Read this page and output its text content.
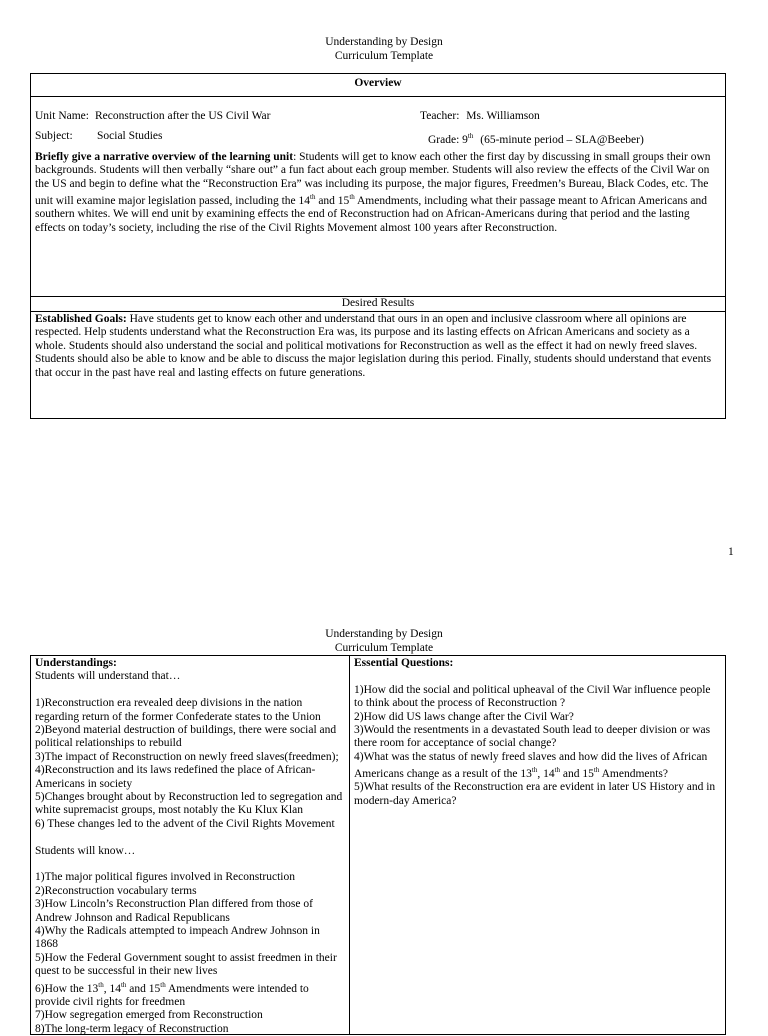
Understanding by Design
Curriculum Template
Overview
Unit Name: Reconstruction after the US Civil War	Teacher: Ms. Williamson
Subject: Social Studies	Grade: 9th (65-minute period – SLA@Beeber)
Briefly give a narrative overview of the learning unit: Students will get to know each other the first day by discussing in small groups their own backgrounds. Students will then verbally “share out” a fun fact about each group member. Students will also review the effects of the Civil War on the US and begin to define what the “Reconstruction Era” was including its purpose, the major figures, Freedmen’s Bureau, Black Codes, etc. The unit will examine major legislation passed, including the 14th and 15th Amendments, including what their passage meant to African Americans and southern whites. We will end unit by examining effects the end of Reconstruction had on African-Americans during that period and the lasting effects on today’s society, including the rise of the Civil Rights Movement almost 100 years after Reconstruction.
Desired Results
Established Goals: Have students get to know each other and understand that ours in an open and inclusive classroom where all opinions are respected. Help students understand what the Reconstruction Era was, its purpose and its lasting effects on African Americans and society as a whole. Students should also understand the social and political motivations for Reconstruction as well as the effect it had on newly freed slaves. Students should also be able to know and be able to discuss the major legislation during this period. Finally, students should understand that events that occur in the past have real and lasting effects on future generations.
1
Understanding by Design
Curriculum Template
Understandings:
Students will understand that…
1)Reconstruction era revealed deep divisions in the nation regarding return of the former Confederate states to the Union
2)Beyond material destruction of buildings, there were social and political relationships to rebuild
3)The impact of Reconstruction on newly freed slaves(freedmen);
4)Reconstruction and its laws redefined the place of African-Americans in society
5)Changes brought about by Reconstruction led to segregation and white supremacist groups, most notably the Ku Klux Klan
6) These changes led to the advent of the Civil Rights Movement
Students will know…
1)The major political figures involved in Reconstruction
2)Reconstruction vocabulary terms
3)How Lincoln’s Reconstruction Plan differed from those of Andrew Johnson and Radical Republicans
4)Why the Radicals attempted to impeach Andrew Johnson in 1868
5)How the Federal Government sought to assist freedmen in their quest to be successful in their new lives
6)How the 13th, 14th and 15th Amendments were intended to provide civil rights for freedmen
7)How segregation emerged from Reconstruction
8)The long-term legacy of Reconstruction
Essential Questions:
1)How did the social and political upheaval of the Civil War influence people to think about the process of Reconstruction ?
2)How did US laws change after the Civil War?
3)Would the resentments in a devastated South lead to deeper division or was there room for acceptance of social change?
4)What was the status of newly freed slaves and how did the lives of African Americans change as a result of the 13th, 14th and 15th Amendments?
5)What results of the Reconstruction era are evident in later US History and in modern-day America?
